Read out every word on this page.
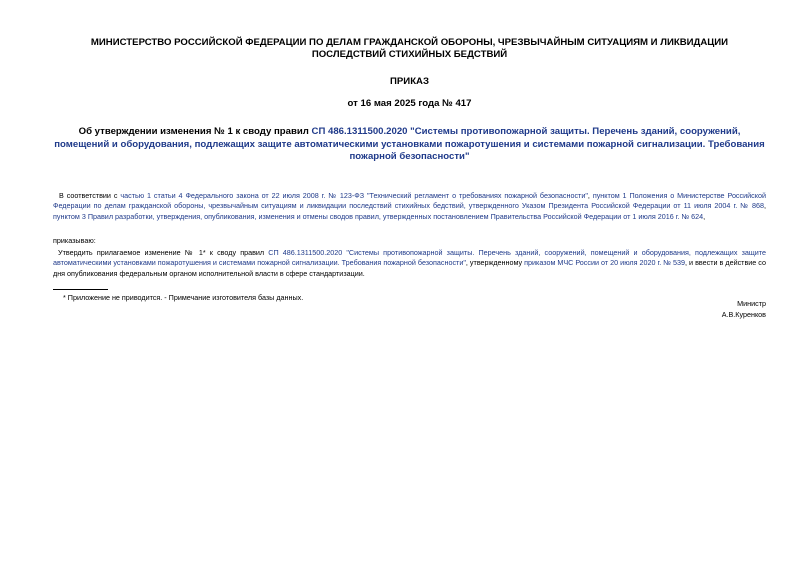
МИНИСТЕРСТВО РОССИЙСКОЙ ФЕДЕРАЦИИ ПО ДЕЛАМ ГРАЖДАНСКОЙ ОБОРОНЫ, ЧРЕЗВЫЧАЙНЫМ СИТУАЦИЯМ И ЛИКВИДАЦИИ ПОСЛЕДСТВИЙ СТИХИЙНЫХ БЕДСТВИЙ
ПРИКАЗ
от 16 мая 2025 года № 417
Об утверждении изменения № 1 к своду правил СП 486.1311500.2020 "Системы противопожарной защиты. Перечень зданий, сооружений, помещений и оборудования, подлежащих защите автоматическими установками пожаротушения и системами пожарной сигнализации. Требования пожарной безопасности"
В соответствии с частью 1 статьи 4 Федерального закона от 22 июля 2008 г. № 123-ФЗ "Технический регламент о требованиях пожарной безопасности", пунктом 1 Положения о Министерстве Российской Федерации по делам гражданской обороны, чрезвычайным ситуациям и ликвидации последствий стихийных бедствий, утвержденного Указом Президента Российской Федерации от 11 июля 2004 г. № 868, пунктом 3 Правил разработки, утверждения, опубликования, изменения и отмены сводов правил, утвержденных постановлением Правительства Российской Федерации от 1 июля 2016 г. № 624,
приказываю:
Утвердить прилагаемое изменение № 1* к своду правил СП 486.1311500.2020 "Системы противопожарной защиты. Перечень зданий, сооружений, помещений и оборудования, подлежащих защите автоматическими установками пожаротушения и системами пожарной сигнализации. Требования пожарной безопасности", утвержденному приказом МЧС России от 20 июля 2020 г. № 539, и ввести в действие со дня опубликования федеральным органом исполнительной власти в сфере стандартизации.
* Приложение не приводится. - Примечание изготовителя базы данных.
Министр
А.В.Куренков
